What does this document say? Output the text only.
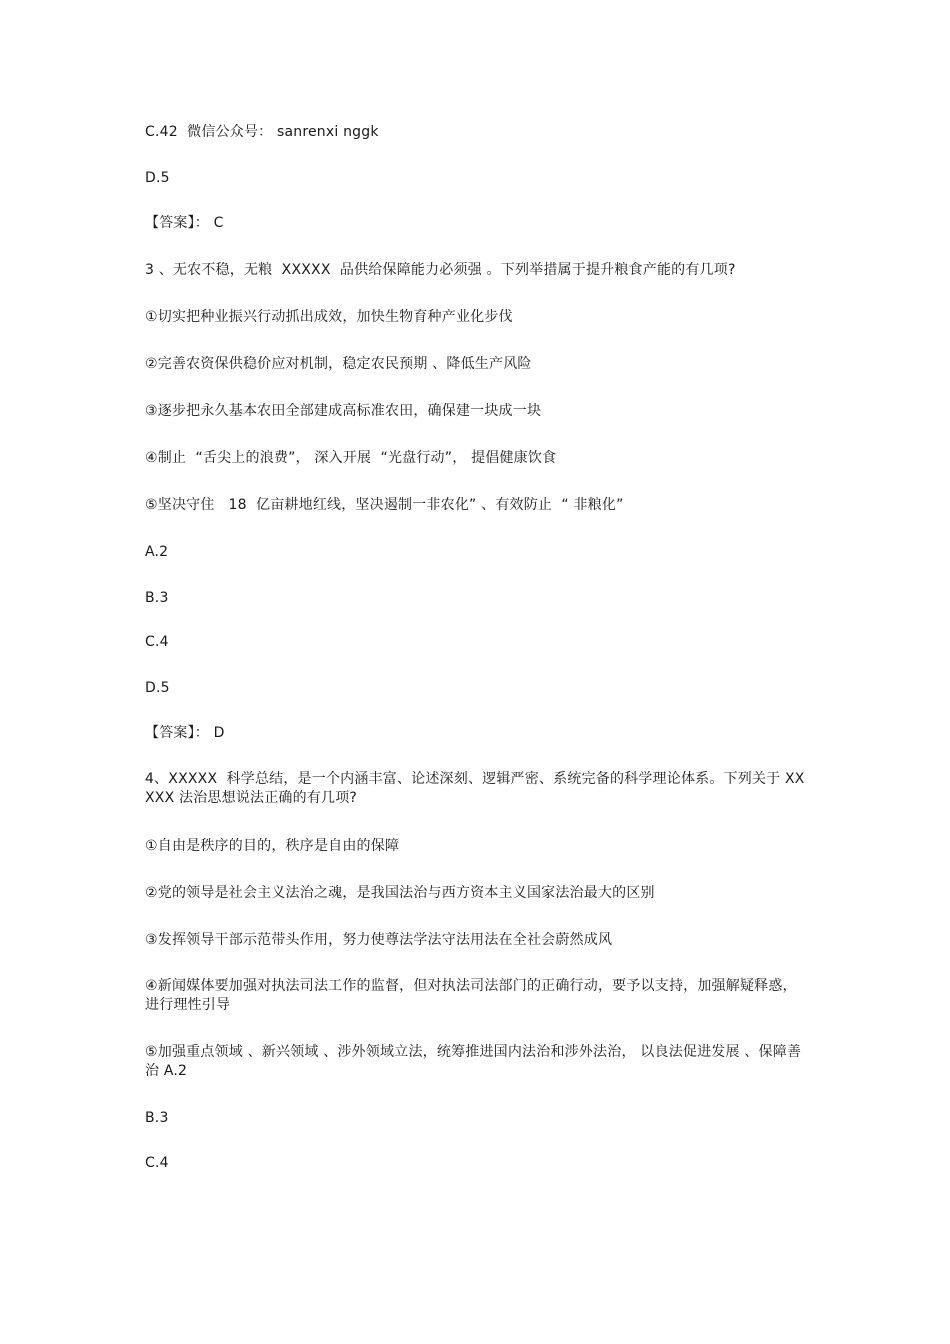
C.42  微信公众号： sanrenxi nggk
D.5
【答案】： C
3 、无农不稳，无粮  XXXXX  品供给保障能力必须强 。下列举措属于提升粮食产能的有几项?
①切实把种业振兴行动抓出成效，加快生物育种产业化步伐
②完善农资保供稳价应对机制，稳定农民预期 、降低生产风险
③逐步把永久基本农田全部建成高标准农田，确保建一块成一块
④制止  “舌尖上的浪费”， 深入开展  “光盘行动”， 提倡健康饮食
⑤坚决守住   18  亿亩耕地红线，坚决遏制一非农化” 、有效防止  “ 非粮化”
A.2
B.3
C.4
D.5
【答案】： D
4、XXXXX  科学总结，是一个内涵丰富、论述深刻、逻辑严密、系统完备的科学理论体系。下列关于 XXXXX 法治思想说法正确的有几项?
①自由是秩序的目的，秩序是自由的保障
②党的领导是社会主义法治之魂，是我国法治与西方资本主义国家法治最大的区别
③发挥领导干部示范带头作用，努力使尊法学法守法用法在全社会蔚然成风
④新闻媒体要加强对执法司法工作的监督，但对执法司法部门的正确行动，要予以支持，加强解疑释惑，进行理性引导
⑤加强重点领域 、新兴领域 、涉外领域立法，统筹推进国内法治和涉外法治， 以良法促进发展 、保障善治 A.2
B.3
C.4
